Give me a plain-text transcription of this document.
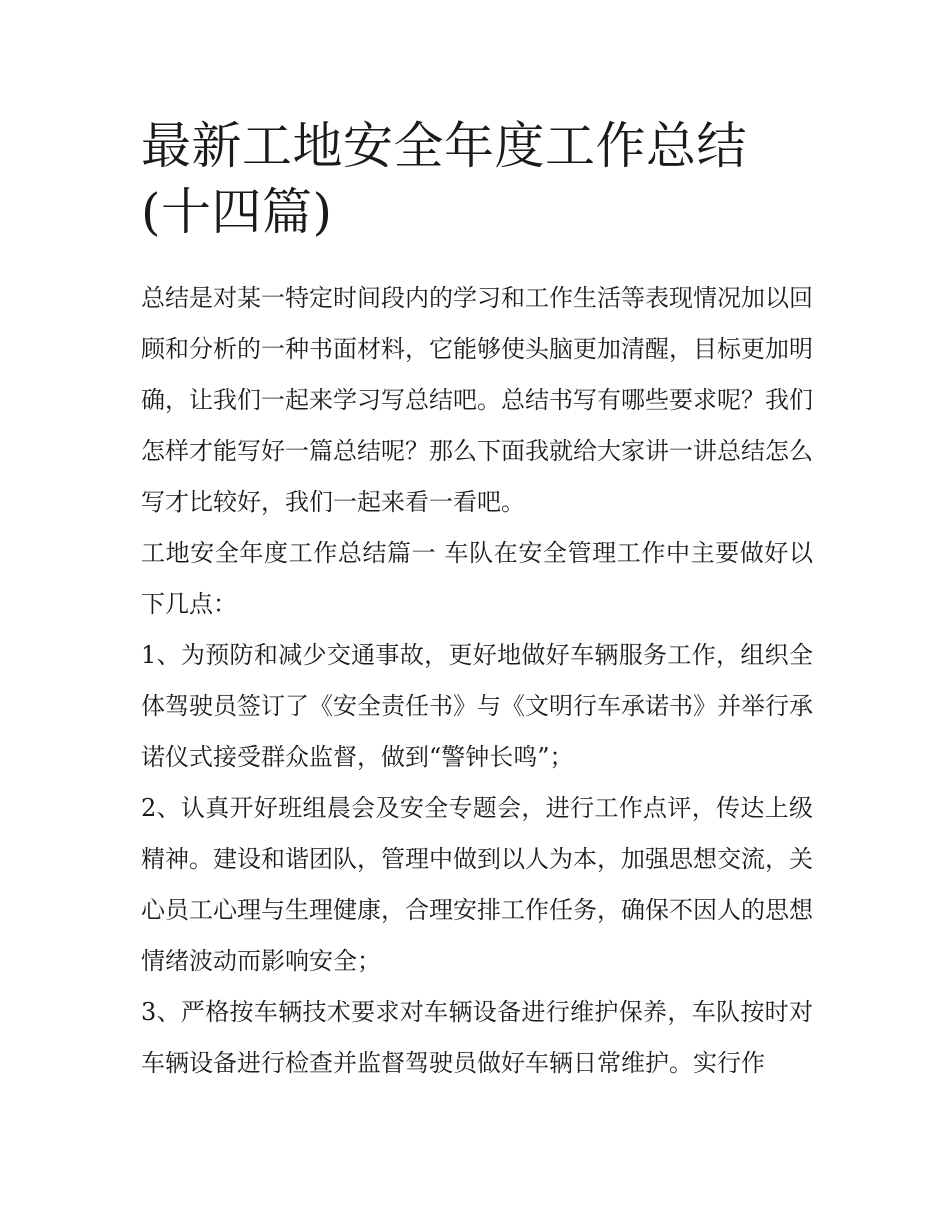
最新工地安全年度工作总结(十四篇)

总结是对某一特定时间段内的学习和工作生活等表现情况加以回顾和分析的一种书面材料，它能够使头脑更加清醒，目标更加明确，让我们一起来学习写总结吧。总结书写有哪些要求呢？我们怎样才能写好一篇总结呢？那么下面我就给大家讲一讲总结怎么写才比较好，我们一起来看一看吧。

工地安全年度工作总结篇一 车队在安全管理工作中主要做好以下几点：

1、为预防和减少交通事故，更好地做好车辆服务工作，组织全体驾驶员签订了《安全责任书》与《文明行车承诺书》并举行承诺仪式接受群众监督，做到“警钟长鸣”；

2、认真开好班组晨会及安全专题会，进行工作点评，传达上级精神。建设和谐团队，管理中做到以人为本，加强思想交流，关心员工心理与生理健康，合理安排工作任务，确保不因人的思想情绪波动而影响安全；

3、严格按车辆技术要求对车辆设备进行维护保养，车队按时对车辆设备进行检查并监督驾驶员做好车辆日常维护。实行作
